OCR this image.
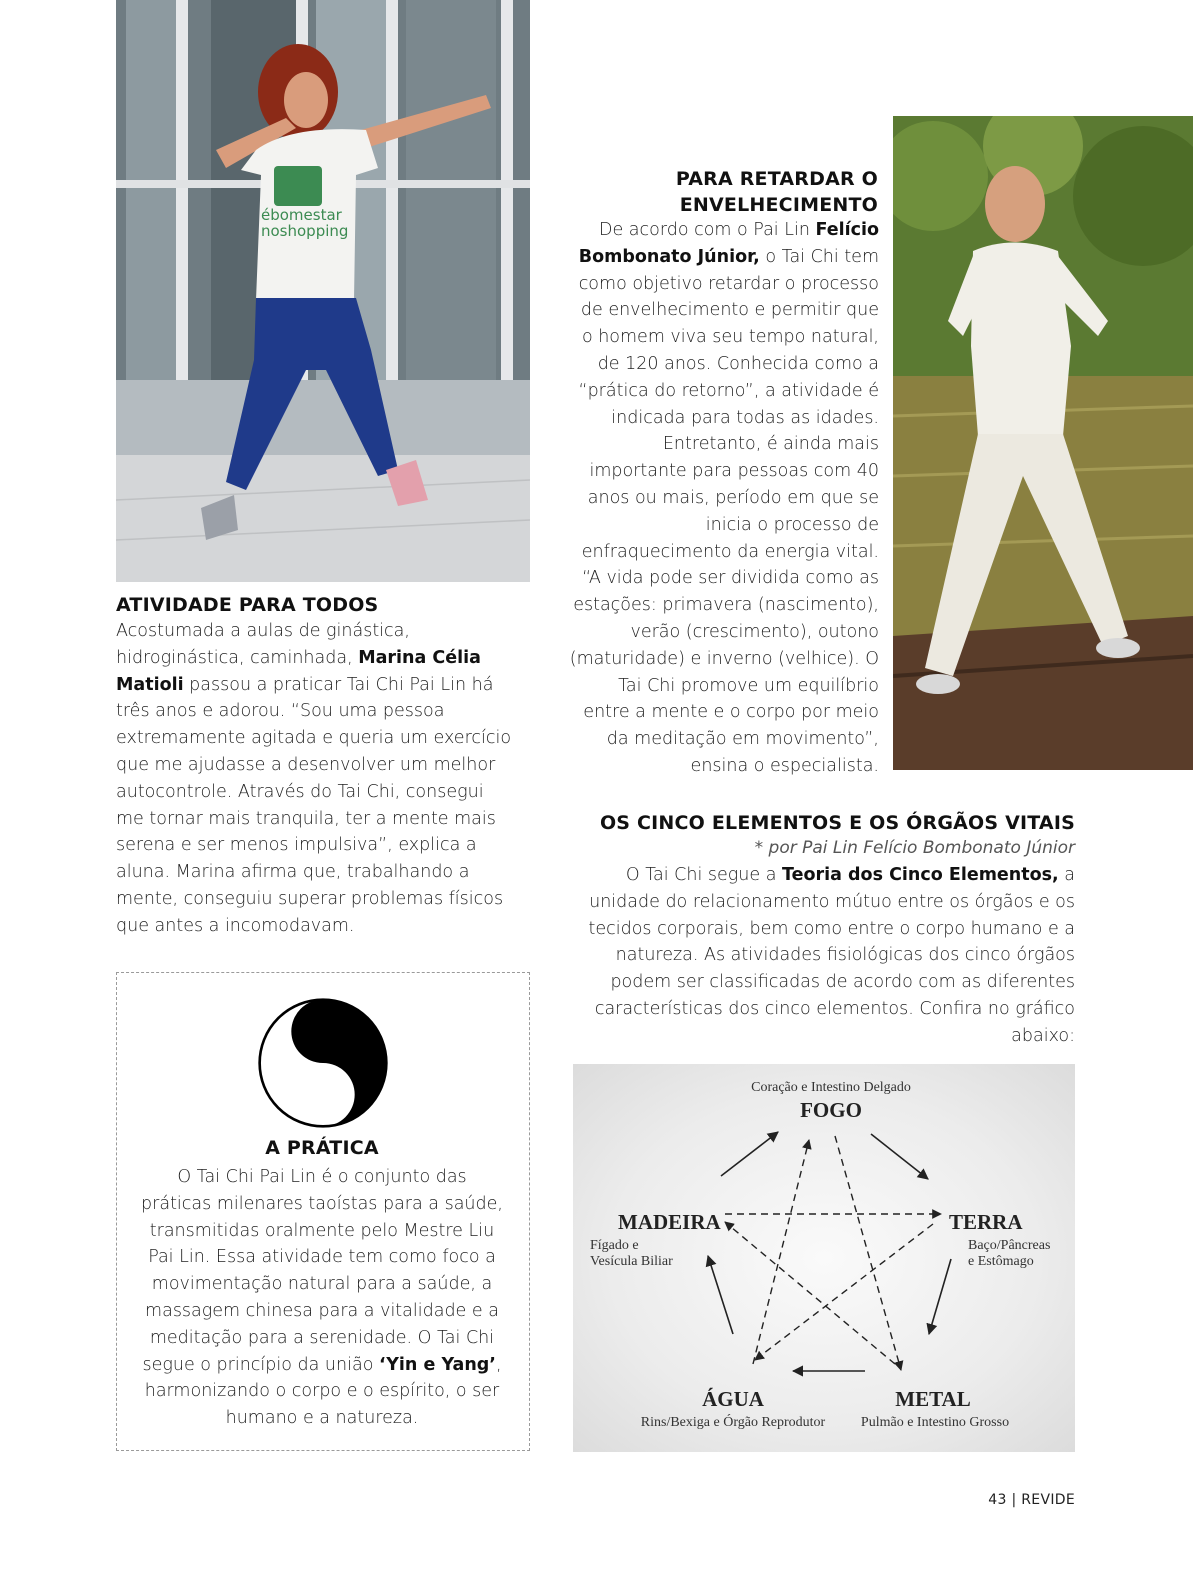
ébomestar
noshopping
PARA RETARDAR O
ENVELHECIMENTO
De acordo com o Pai Lin Felício Bombonato Júnior, o Tai Chi tem como objetivo retardar o processo de envelhecimento e permitir que o homem viva seu tempo natural, de 120 anos. Conhecida como a “prática do retorno”, a atividade é indicada para todas as idades. Entretanto, é ainda mais importante para pessoas com 40 anos ou mais, período em que se inicia o processo de enfraquecimento da energia vital. “A vida pode ser dividida como as estações: primavera (nascimento), verão (crescimento), outono (maturidade) e inverno (velhice). O Tai Chi promove um equilíbrio entre a mente e o corpo por meio da meditação em movimento”, ensina o especialista.
ATIVIDADE PARA TODOS
Acostumada a aulas de ginástica, hidroginástica, caminhada, Marina Célia Matioli passou a praticar Tai Chi Pai Lin há três anos e adorou. “Sou uma pessoa extremamente agitada e queria um exercício que me ajudasse a desenvolver um melhor autocontrole. Através do Tai Chi, consegui me tornar mais tranquila, ter a mente mais serena e ser menos impulsiva”, explica a aluna. Marina afirma que, trabalhando a mente, conseguiu superar problemas físicos que antes a incomodavam.
A PRÁTICA
O Tai Chi Pai Lin é o conjunto das práticas milenares taoístas para a saúde, transmitidas oralmente pelo Mestre Liu Pai Lin. Essa atividade tem como foco a movimentação natural para a saúde, a massagem chinesa para a vitalidade e a meditação para a serenidade. O Tai Chi segue o princípio da união ‘Yin e Yang’, harmonizando o corpo e o espírito, o ser humano e a natureza.
OS CINCO ELEMENTOS E OS ÓRGÃOS VITAIS
* por Pai Lin Felício Bombonato Júnior
O Tai Chi segue a Teoria dos Cinco Elementos, a unidade do relacionamento mútuo entre os órgãos e os tecidos corporais, bem como entre o corpo humano e a natureza. As atividades fisiológicas dos cinco órgãos podem ser classificadas de acordo com as diferentes características dos cinco elementos. Confira no gráfico abaixo:
Coração e Intestino Delgado
FOGO
MADEIRA
Fígado e
Vesícula Biliar
TERRA
Baço/Pâncreas
e Estômago
ÁGUA
Rins/Bexiga e Órgão Reprodutor
METAL
Pulmão e Intestino Grosso
43 | REVIDE
